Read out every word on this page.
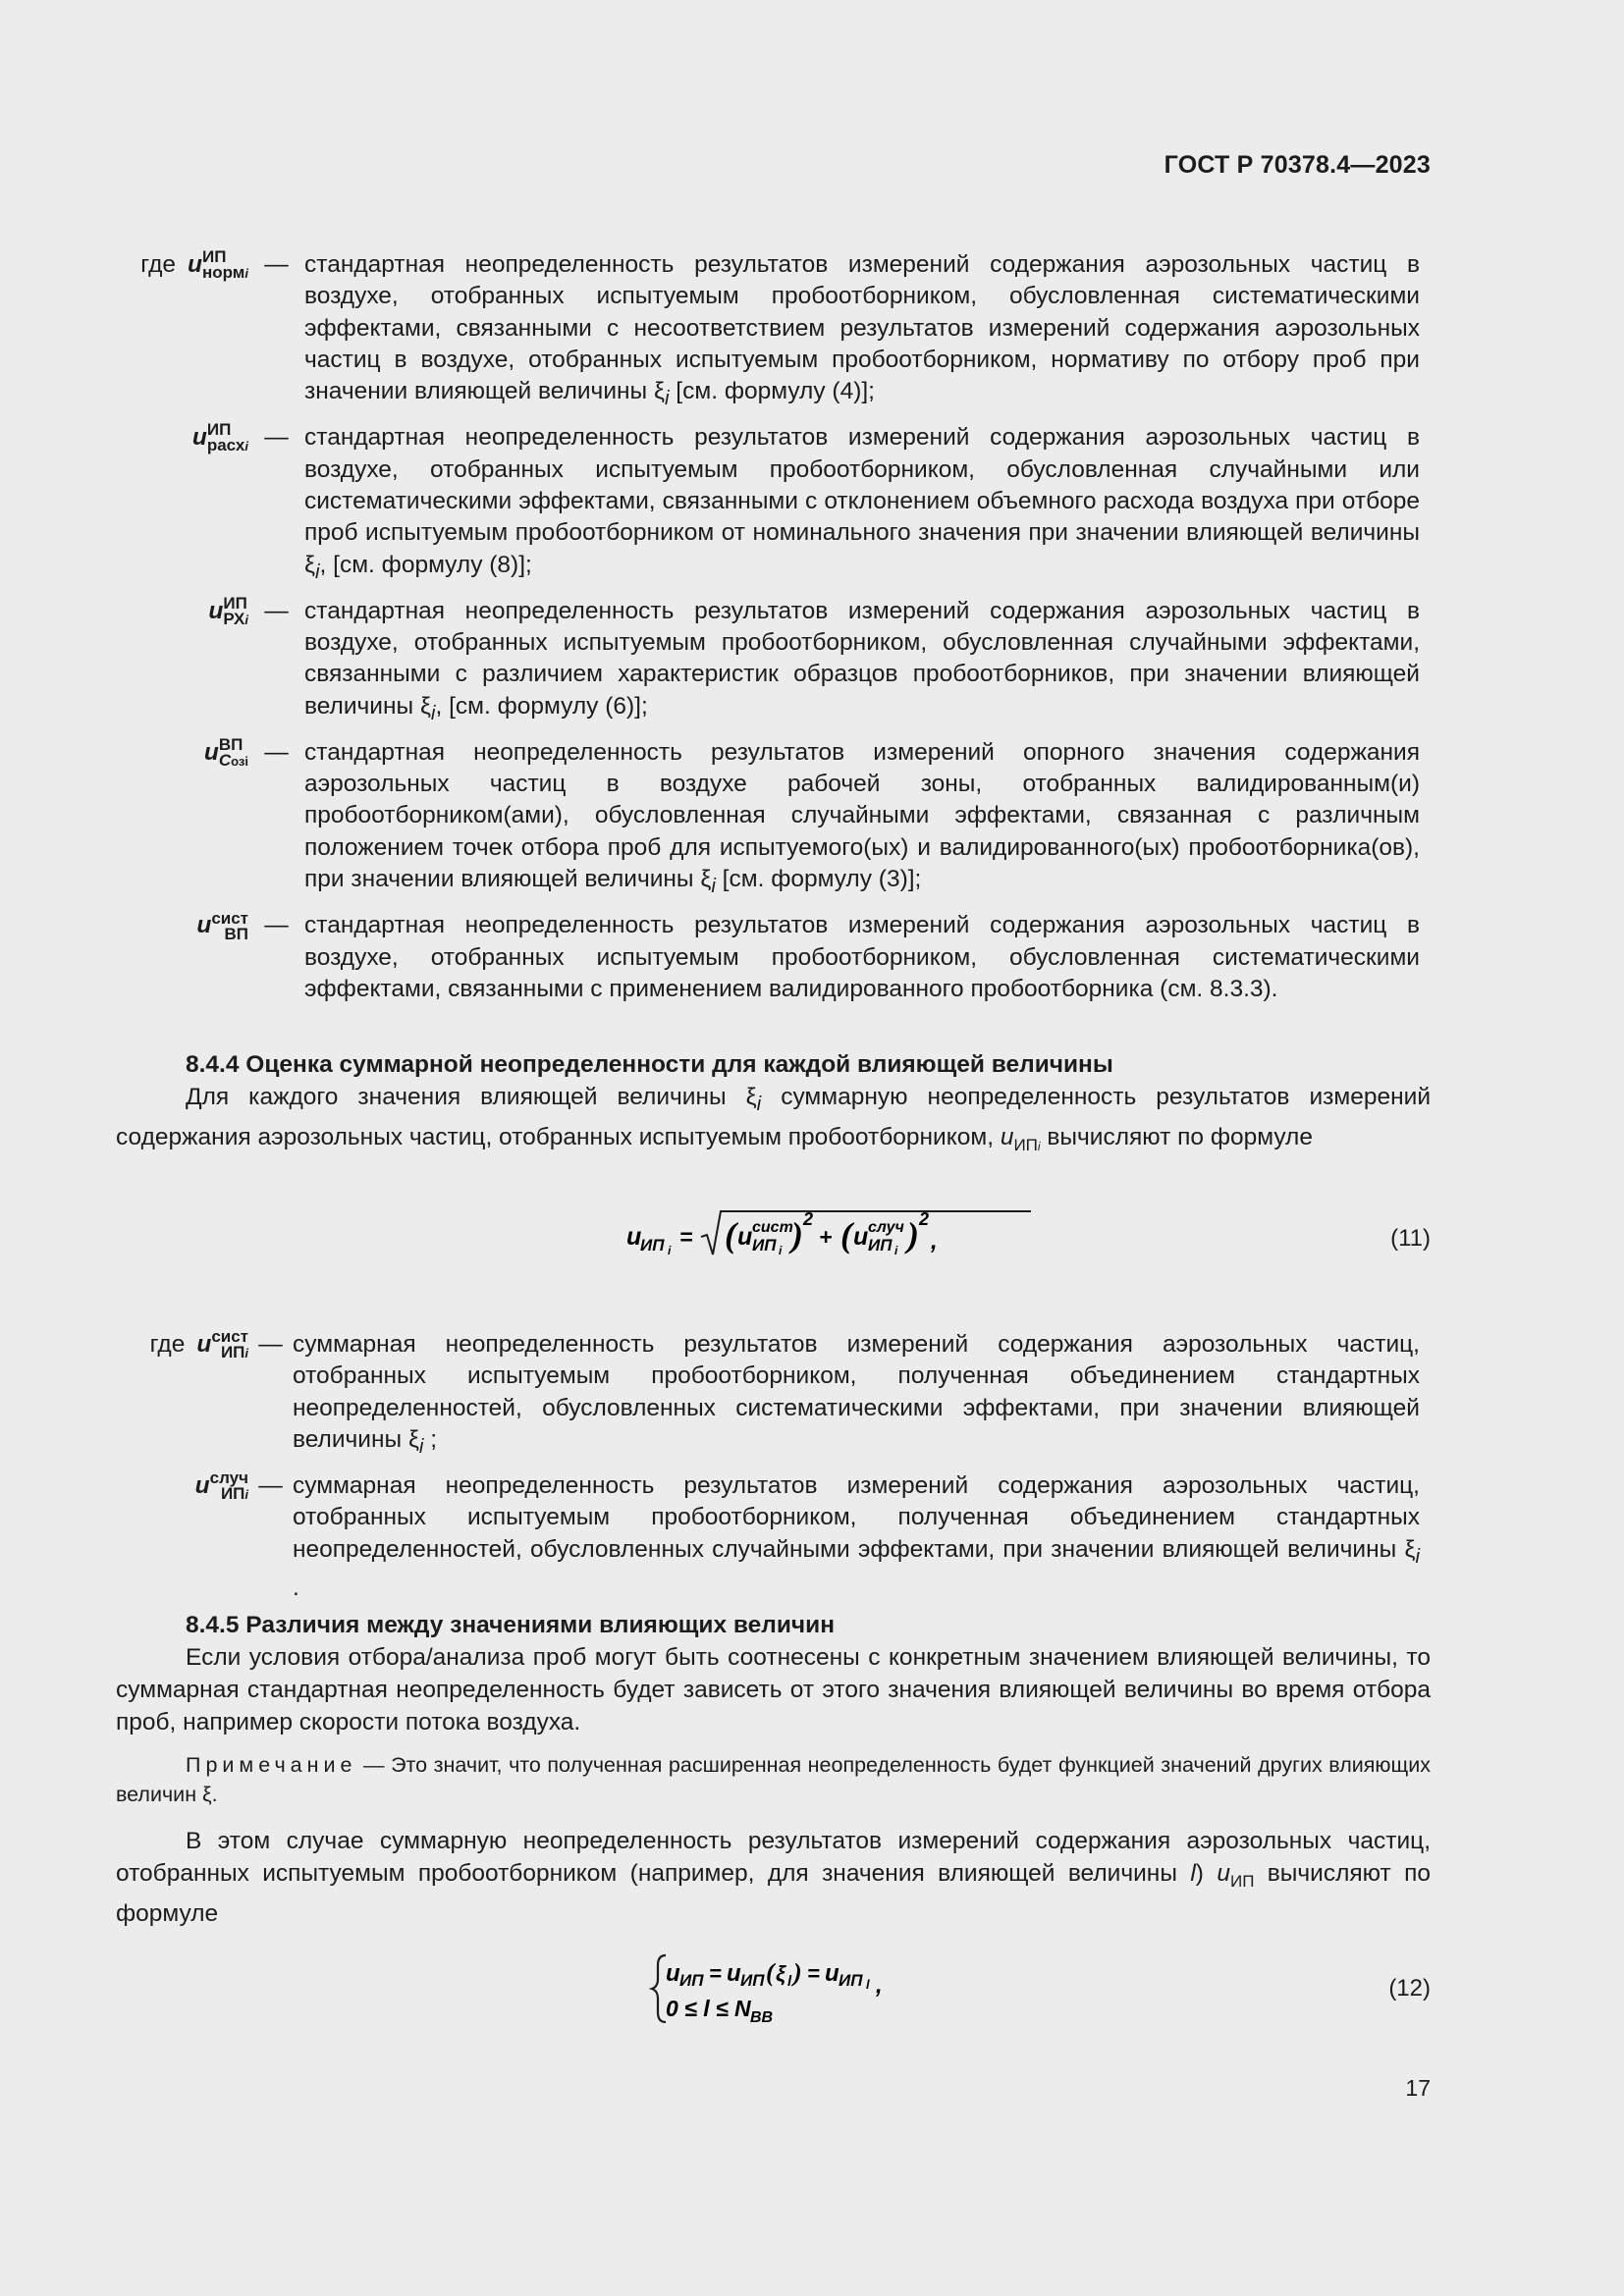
ГОСТ Р 70378.4—2023
где u ИП
нормi — стандартная неопределенность результатов измерений содержания аэрозольных частиц в воздухе, отобранных испытуемым пробоотборником, обусловленная систематическими эффектами, связанными с несоответствием результатов измерений содержания аэрозольных частиц в воздухе, отобранных испытуемым пробоотборником, нормативу по отбору проб при значении влияющей величины $\xi_i$ [см. формулу (4)];
u ИП
расхi — стандартная неопределенность результатов измерений содержания аэрозольных частиц в воздухе, отобранных испытуемым пробоотборником, обусловленная случайными или систематическими эффектами, связанными с отклонением объемного расхода воздуха при отборе проб испытуемым пробоотборником от номинального значения при значении влияющей величины $\xi_i$, [см. формулу (8)];
u ИП
РХi — стандартная неопределенность результатов измерений содержания аэрозольных частиц в воздухе, отобранных испытуемым пробоотборником, обусловленная случайными эффектами, связанными с различием характеристик образцов пробоотборников, при значении влияющей величины $\xi_i$, [см. формулу (6)];
u ВП
Cозi — стандартная неопределенность результатов измерений опорного значения содержания аэрозольных частиц в воздухе рабочей зоны, отобранных валидированным(и) пробоотборником(ами), обусловленная случайными эффектами, связанная с различным положением точек отбора проб для испытуемого(ых) и валидированного(ых) пробоотборника(ов), при значении влияющей величины $\xi_i$ [см. формулу (3)];
u сист
ВП — стандартная неопределенность результатов измерений содержания аэрозольных частиц в воздухе, отобранных испытуемым пробоотборником, обусловленная систематическими эффектами, связанными с применением валидированного пробоотборника (см. 8.3.3).
8.4.4 Оценка суммарной неопределенности для каждой влияющей величины
Для каждого значения влияющей величины $\xi_i$ суммарную неопределенность результатов измерений содержания аэрозольных частиц, отобранных испытуемым пробоотборником, $u_{ИПi}$ вычисляют по формуле
u
ИП i
= ( u сист
ИП i ) 2
+ ( u случ
ИП i ) 2
,	(11)
где u сист
ИПi — суммарная неопределенность результатов измерений содержания аэрозольных частиц, отобранных испытуемым пробоотборником, полученная объединением стандартных неопределенностей, обусловленных систематическими эффектами, при значении влияющей величины $\xi_i$ ;
u случ
ИПi — суммарная неопределенность результатов измерений содержания аэрозольных частиц, отобранных испытуемым пробоотборником, полученная объединением стандартных неопределенностей, обусловленных случайными эффектами, при значении влияющей величины $\xi_i$ .
8.4.5 Различия между значениями влияющих величин
Если условия отбора/анализа проб могут быть соотнесены с конкретным значением влияющей величины, то суммарная стандартная неопределенность будет зависеть от этого значения влияющей величины во время отбора проб, например скорости потока воздуха.
Примечание — Это значит, что полученная расширенная неопределенность будет функцией значений других влияющих величин ξ.
В этом случае суммарную неопределенность результатов измерений содержания аэрозольных частиц, отобранных испытуемым пробоотборником (например, для значения влияющей величины l) $u_{ИП}$ вычисляют по формуле
u ИП = u ИП ( ξ l ) = u ИП l ,
0 ≤ l ≤ N ВВ
(12)
17
